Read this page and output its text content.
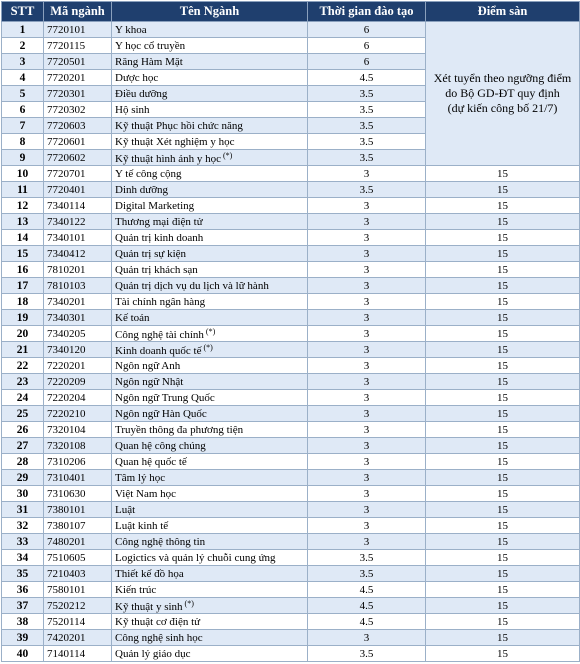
STT	Mã ngành	Tên Ngành	Thời gian đào tạo	Điểm sàn
1	7720101	Y khoa	6	Xét tuyển theo ngưỡng điểm
do Bộ GD-ĐT quy định
(dự kiến công bố 21/7)

2	7720115	Y học cổ truyền	6	
3	7720501	Răng Hàm Mặt	6	
4	7720201	Dược học	4.5	
5	7720301	Điều dưỡng	3.5	
6	7720302	Hộ sinh	3.5	
7	7720603	Kỹ thuật Phục hồi chức năng	3.5	
8	7720601	Kỹ thuật Xét nghiệm y học	3.5	
9	7720602	Kỹ thuật hình ảnh y học (*)	3.5	
10	7720701	Y tế công cộng	3	15
11	7720401	Dinh dưỡng	3.5	15
12	7340114	Digital Marketing	3	15
13	7340122	Thương mại điện tử	3	15
14	7340101	Quản trị kinh doanh	3	15
15	7340412	Quản trị sự kiện	3	15
16	7810201	Quản trị khách sạn	3	15
17	7810103	Quản trị dịch vụ du lịch và lữ hành	3	15
18	7340201	Tài chính ngân hàng	3	15
19	7340301	Kế toán	3	15
20	7340205	Công nghệ tài chính (*)	3	15
21	7340120	Kinh doanh quốc tế (*)	3	15
22	7220201	Ngôn ngữ Anh	3	15
23	7220209	Ngôn ngữ Nhật	3	15
24	7220204	Ngôn ngữ Trung Quốc	3	15
25	7220210	Ngôn ngữ Hàn Quốc	3	15
26	7320104	Truyền thông đa phương tiện	3	15
27	7320108	Quan hệ công chúng	3	15
28	7310206	Quan hệ quốc tế	3	15
29	7310401	Tâm lý học	3	15
30	7310630	Việt Nam học	3	15
31	7380101	Luật	3	15
32	7380107	Luật kinh tế	3	15
33	7480201	Công nghệ thông tin	3	15
34	7510605	Logictics và quản lý chuỗi cung ứng	3.5	15
35	7210403	Thiết kế đồ họa	3.5	15
36	7580101	Kiến trúc	4.5	15
37	7520212	Kỹ thuật y sinh (*)	4.5	15
38	7520114	Kỹ thuật cơ điện tử	4.5	15
39	7420201	Công nghệ sinh học	3	15
40	7140114	Quản lý giáo dục	3.5	15
